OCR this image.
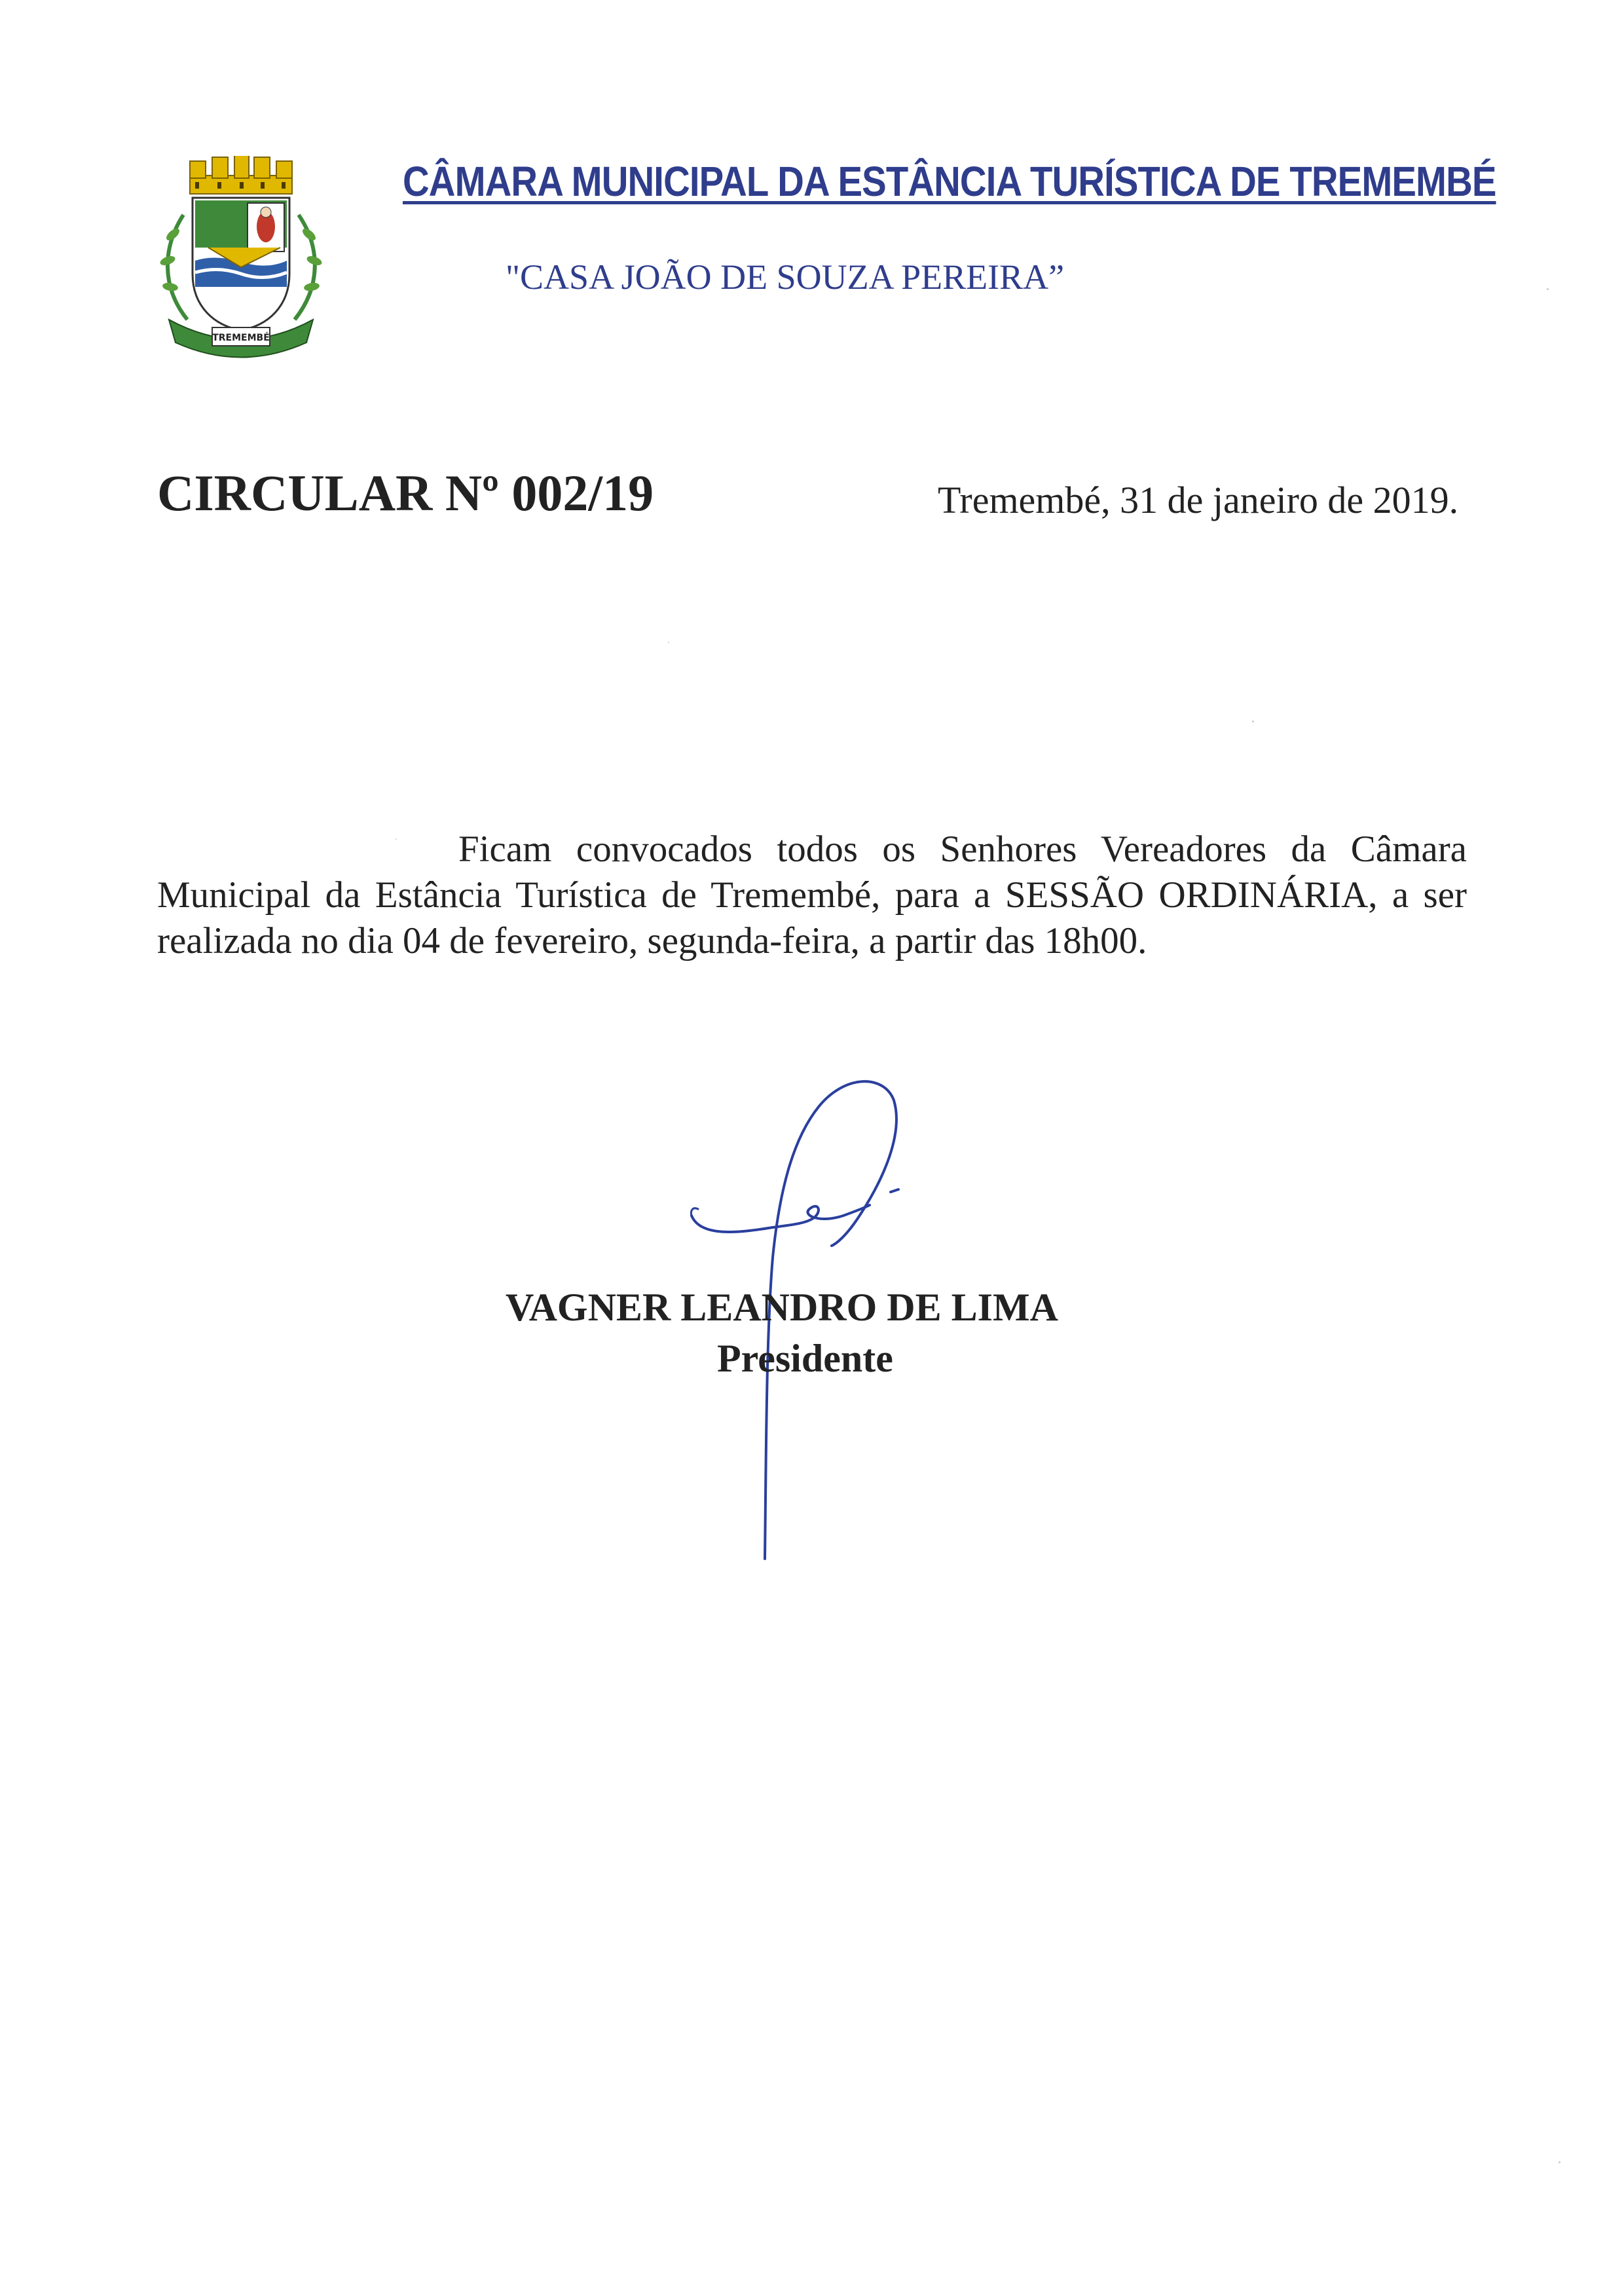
TREMEMBÉ
CÂMARA MUNICIPAL DA ESTÂNCIA TURÍSTICA DE TREMEMBÉ
"CASA JOÃO DE SOUZA PEREIRA”
CIRCULAR Nº 002/19	Tremembé, 31 de janeiro de 2019.
Ficam convocados todos os Senhores Vereadores da Câmara Municipal da Estância Turística de Tremembé, para a SESSÃO ORDINÁRIA, a ser realizada no dia 04 de fevereiro, segunda-feira, a partir das 18h00.
VAGNER LEANDRO DE LIMA
Presidente
